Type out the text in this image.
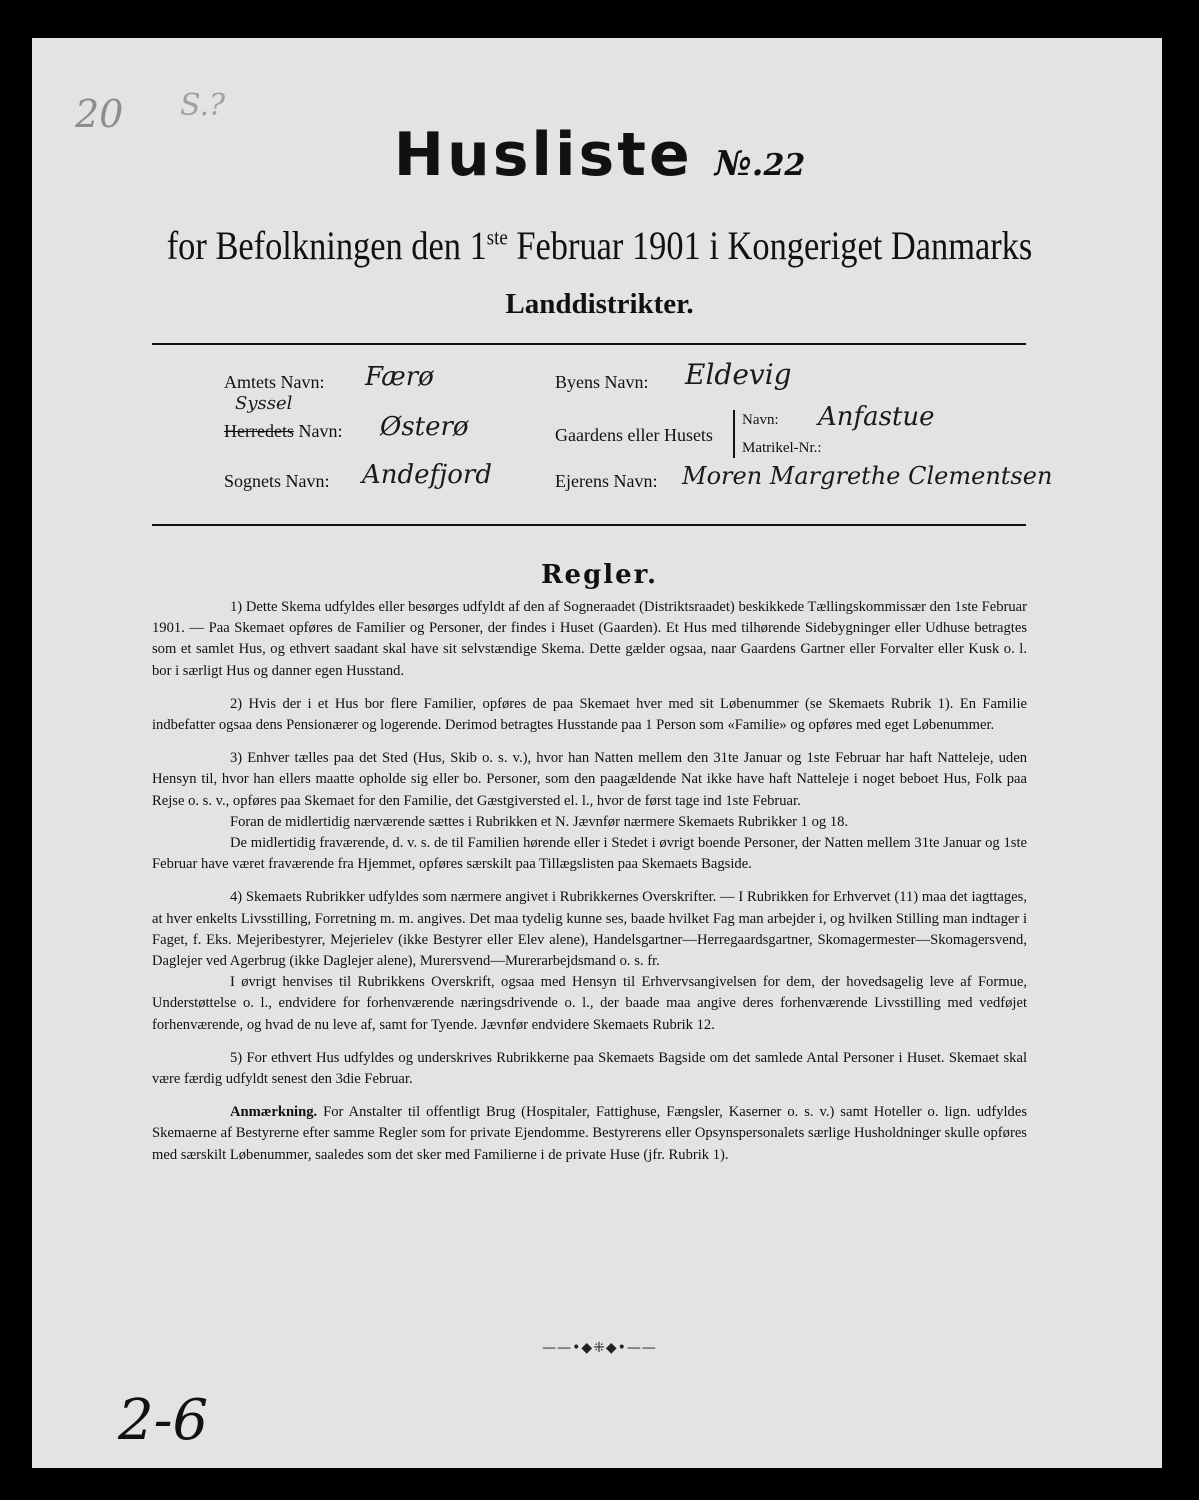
20 S.?
Husliste №.22
for Befolkningen den 1ste Februar 1901 i Kongeriget Danmarks
Landdistrikter.
Amtets Navn: Færø
Syssel
Herredets Navn: Østerø
Sognets Navn: Andefjord
Byens Navn: Eldevig
Gaardens eller Husets
Navn: Anfastue
Matrikel-Nr.:
Ejerens Navn: Moren Margrethe Clementsen
Regler.

1) Dette Skema udfyldes eller besørges udfyldt af den af Sogneraadet (Distriktsraadet) beskikkede Tællingskommissær den 1ste Februar 1901. — Paa Skemaet opføres de Familier og Personer, der findes i Huset (Gaarden). Et Hus med tilhørende Sidebygninger eller Udhuse betragtes som et samlet Hus, og ethvert saadant skal have sit selvstændige Skema. Dette gælder ogsaa, naar Gaardens Gartner eller Forvalter eller Kusk o. l. bor i særligt Hus og danner egen Husstand.

2) Hvis der i et Hus bor flere Familier, opføres de paa Skemaet hver med sit Løbenummer (se Skemaets Rubrik 1). En Familie indbefatter ogsaa dens Pensionærer og logerende. Derimod betragtes Husstande paa 1 Person som «Familie» og opføres med eget Løbenummer.

3) Enhver tælles paa det Sted (Hus, Skib o. s. v.), hvor han Natten mellem den 31te Januar og 1ste Februar har haft Natteleje, uden Hensyn til, hvor han ellers maatte opholde sig eller bo. Personer, som den paagældende Nat ikke have haft Natteleje i noget beboet Hus, Folk paa Rejse o. s. v., opføres paa Skemaet for den Familie, det Gæstgiversted el. l., hvor de først tage ind 1ste Februar.

Foran de midlertidig nærværende sættes i Rubrikken et N. Jævnfør nærmere Skemaets Rubrikker 1 og 18.

De midlertidig fraværende, d. v. s. de til Familien hørende eller i Stedet i øvrigt boende Personer, der Natten mellem 31te Januar og 1ste Februar have været fraværende fra Hjemmet, opføres særskilt paa Tillægslisten paa Skemaets Bagside.

4) Skemaets Rubrikker udfyldes som nærmere angivet i Rubrikkernes Overskrifter. — I Rubrikken for Erhvervet (11) maa det iagttages, at hver enkelts Livsstilling, Forretning m. m. angives. Det maa tydelig kunne ses, baade hvilket Fag man arbejder i, og hvilken Stilling man indtager i Faget, f. Eks. Mejeribestyrer, Mejerielev (ikke Bestyrer eller Elev alene), Handelsgartner—Herregaardsgartner, Skomagermester—Skomagersvend, Daglejer ved Agerbrug (ikke Daglejer alene), Murersvend—Murerarbejdsmand o. s. fr.

I øvrigt henvises til Rubrikkens Overskrift, ogsaa med Hensyn til Erhvervsangivelsen for dem, der hovedsagelig leve af Formue, Understøttelse o. l., endvidere for forhenværende næringsdrivende o. l., der baade maa angive deres forhenværende Livsstilling med vedføjet forhenværende, og hvad de nu leve af, samt for Tyende. Jævnfør endvidere Skemaets Rubrik 12.

5) For ethvert Hus udfyldes og underskrives Rubrikkerne paa Skemaets Bagside om det samlede Antal Personer i Huset. Skemaet skal være færdig udfyldt senest den 3die Februar.

Anmærkning. For Anstalter til offentligt Brug (Hospitaler, Fattighuse, Fængsler, Kaserner o. s. v.) samt Hoteller o. lign. udfyldes Skemaerne af Bestyrerne efter samme Regler som for private Ejendomme. Bestyrerens eller Opsynspersonalets særlige Husholdninger skulle opføres med særskilt Løbenummer, saaledes som det sker med Familierne i de private Huse (jfr. Rubrik 1).

——•◆⁜◆•——
2-6
